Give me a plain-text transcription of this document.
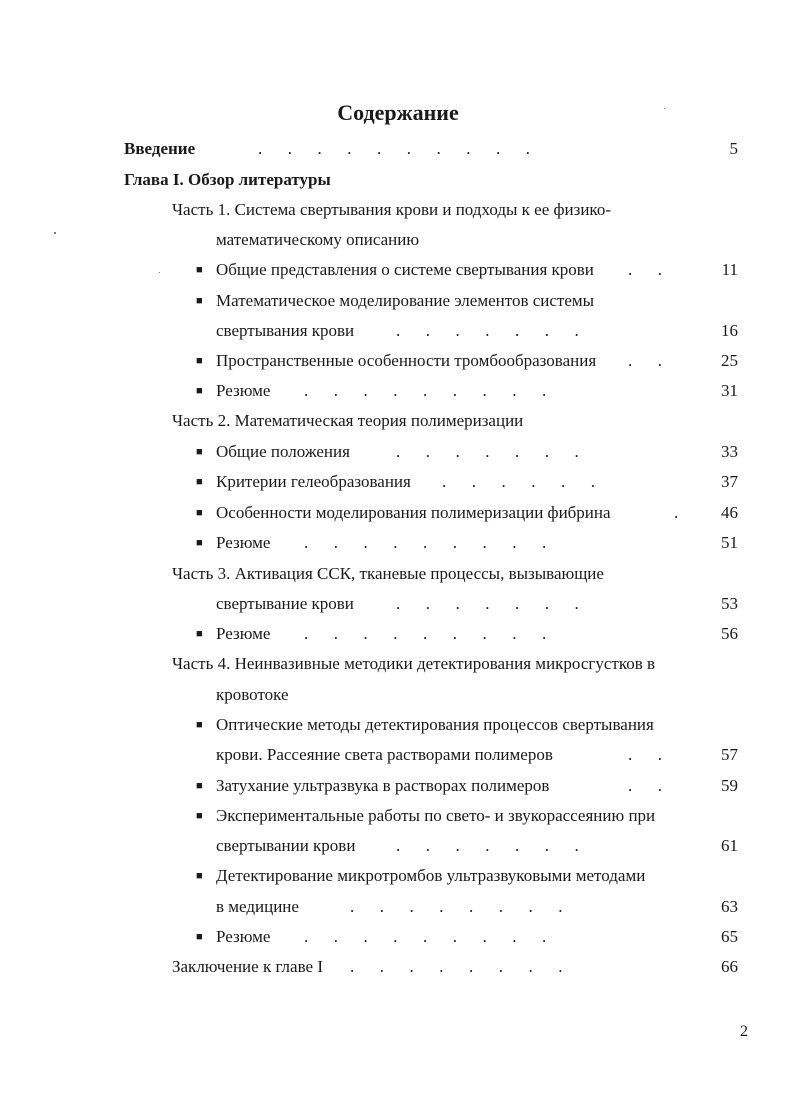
Содержание
Введение	.      .      .      .      .      .      .      .      .      .	5
Глава I. Обзор литературы
Часть 1. Система свертывания крови и подходы к ее физико-
математическому описанию
■ Общие представления о системе свертывания крови .      .	11
■ Математическое моделирование элементов системы
свертывания крови .      .      .      .      .      .      .	16
■ Пространственные особенности тромбообразования .      .	25
■ Резюме .      .      .      .      .      .      .      .      .	31
Часть 2. Математическая теория полимеризации
■ Общие положения	.      .      .      .      .      .      .	33
■ Критерии гелеобразования .      .      .      .      .      .	37
■ Особенности моделирования полимеризации фибрина	.	46
■ Резюме .      .      .      .      .      .      .      .      .	51
Часть 3. Активация ССК, тканевые процессы, вызывающие
свертывание крови .      .      .      .      .      .      .	53
■ Резюме .      .      .      .      .      .      .      .      .	56
Часть 4. Неинвазивные методики детектирования микросгустков в
кровотоке
■ Оптические методы детектирования процессов свертывания
крови. Рассеяние света растворами полимеров	.      .	57
■ Затухание ультразвука в растворах полимеров	.      .	59
■ Экспериментальные работы по свето- и звукорассеянию при
свертывании крови .      .      .      .      .      .      .	61
■ Детектирование микротромбов ультразвуковыми методами
в медицине	.      .      .      .      .      .      .      .	63
■ Резюме .      .      .      .      .      .      .      .      .	65
Заключение к главе I .      .      .      .      .      .      .      .	66
2
